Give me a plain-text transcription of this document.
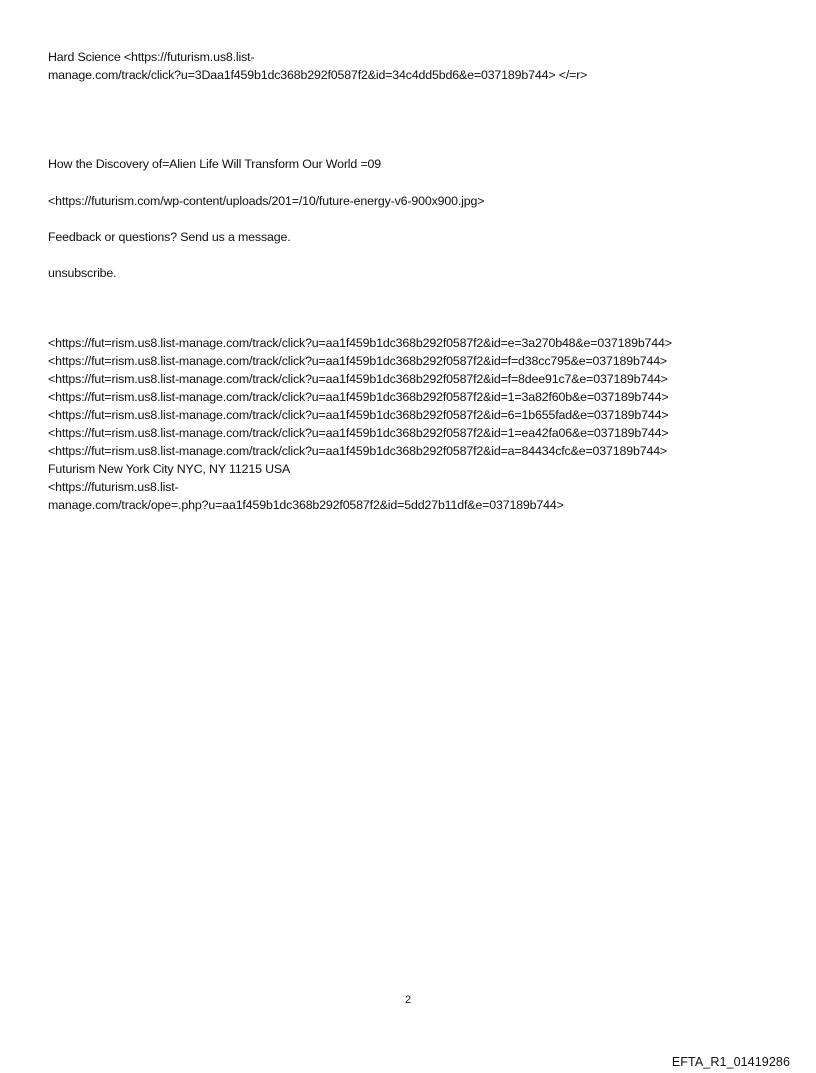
Hard Science <https://futurism.us8.list-
manage.com/track/click?u=3Daa1f459b1dc368b292f0587f2&id=34c4dd5bd6&e=037189b744> </=r>
How the Discovery of=Alien Life Will Transform Our World =09
<https://futurism.com/wp-content/uploads/201=/10/future-energy-v6-900x900.jpg>
Feedback or questions? Send us a message.
unsubscribe.
<https://fut=rism.us8.list-manage.com/track/click?u=aa1f459b1dc368b292f0587f2&id=e=3a270b48&e=037189b744>
<https://fut=rism.us8.list-manage.com/track/click?u=aa1f459b1dc368b292f0587f2&id=f=d38cc795&e=037189b744>
<https://fut=rism.us8.list-manage.com/track/click?u=aa1f459b1dc368b292f0587f2&id=f=8dee91c7&e=037189b744>
<https://fut=rism.us8.list-manage.com/track/click?u=aa1f459b1dc368b292f0587f2&id=1=3a82f60b&e=037189b744>
<https://fut=rism.us8.list-manage.com/track/click?u=aa1f459b1dc368b292f0587f2&id=6=1b655fad&e=037189b744>
<https://fut=rism.us8.list-manage.com/track/click?u=aa1f459b1dc368b292f0587f2&id=1=ea42fa06&e=037189b744>
<https://fut=rism.us8.list-manage.com/track/click?u=aa1f459b1dc368b292f0587f2&id=a=84434cfc&e=037189b744>
Futurism New York City NYC, NY 11215 USA
<https://futurism.us8.list-
manage.com/track/ope=.php?u=aa1f459b1dc368b292f0587f2&id=5dd27b11df&e=037189b744>
2
EFTA_R1_01419286
